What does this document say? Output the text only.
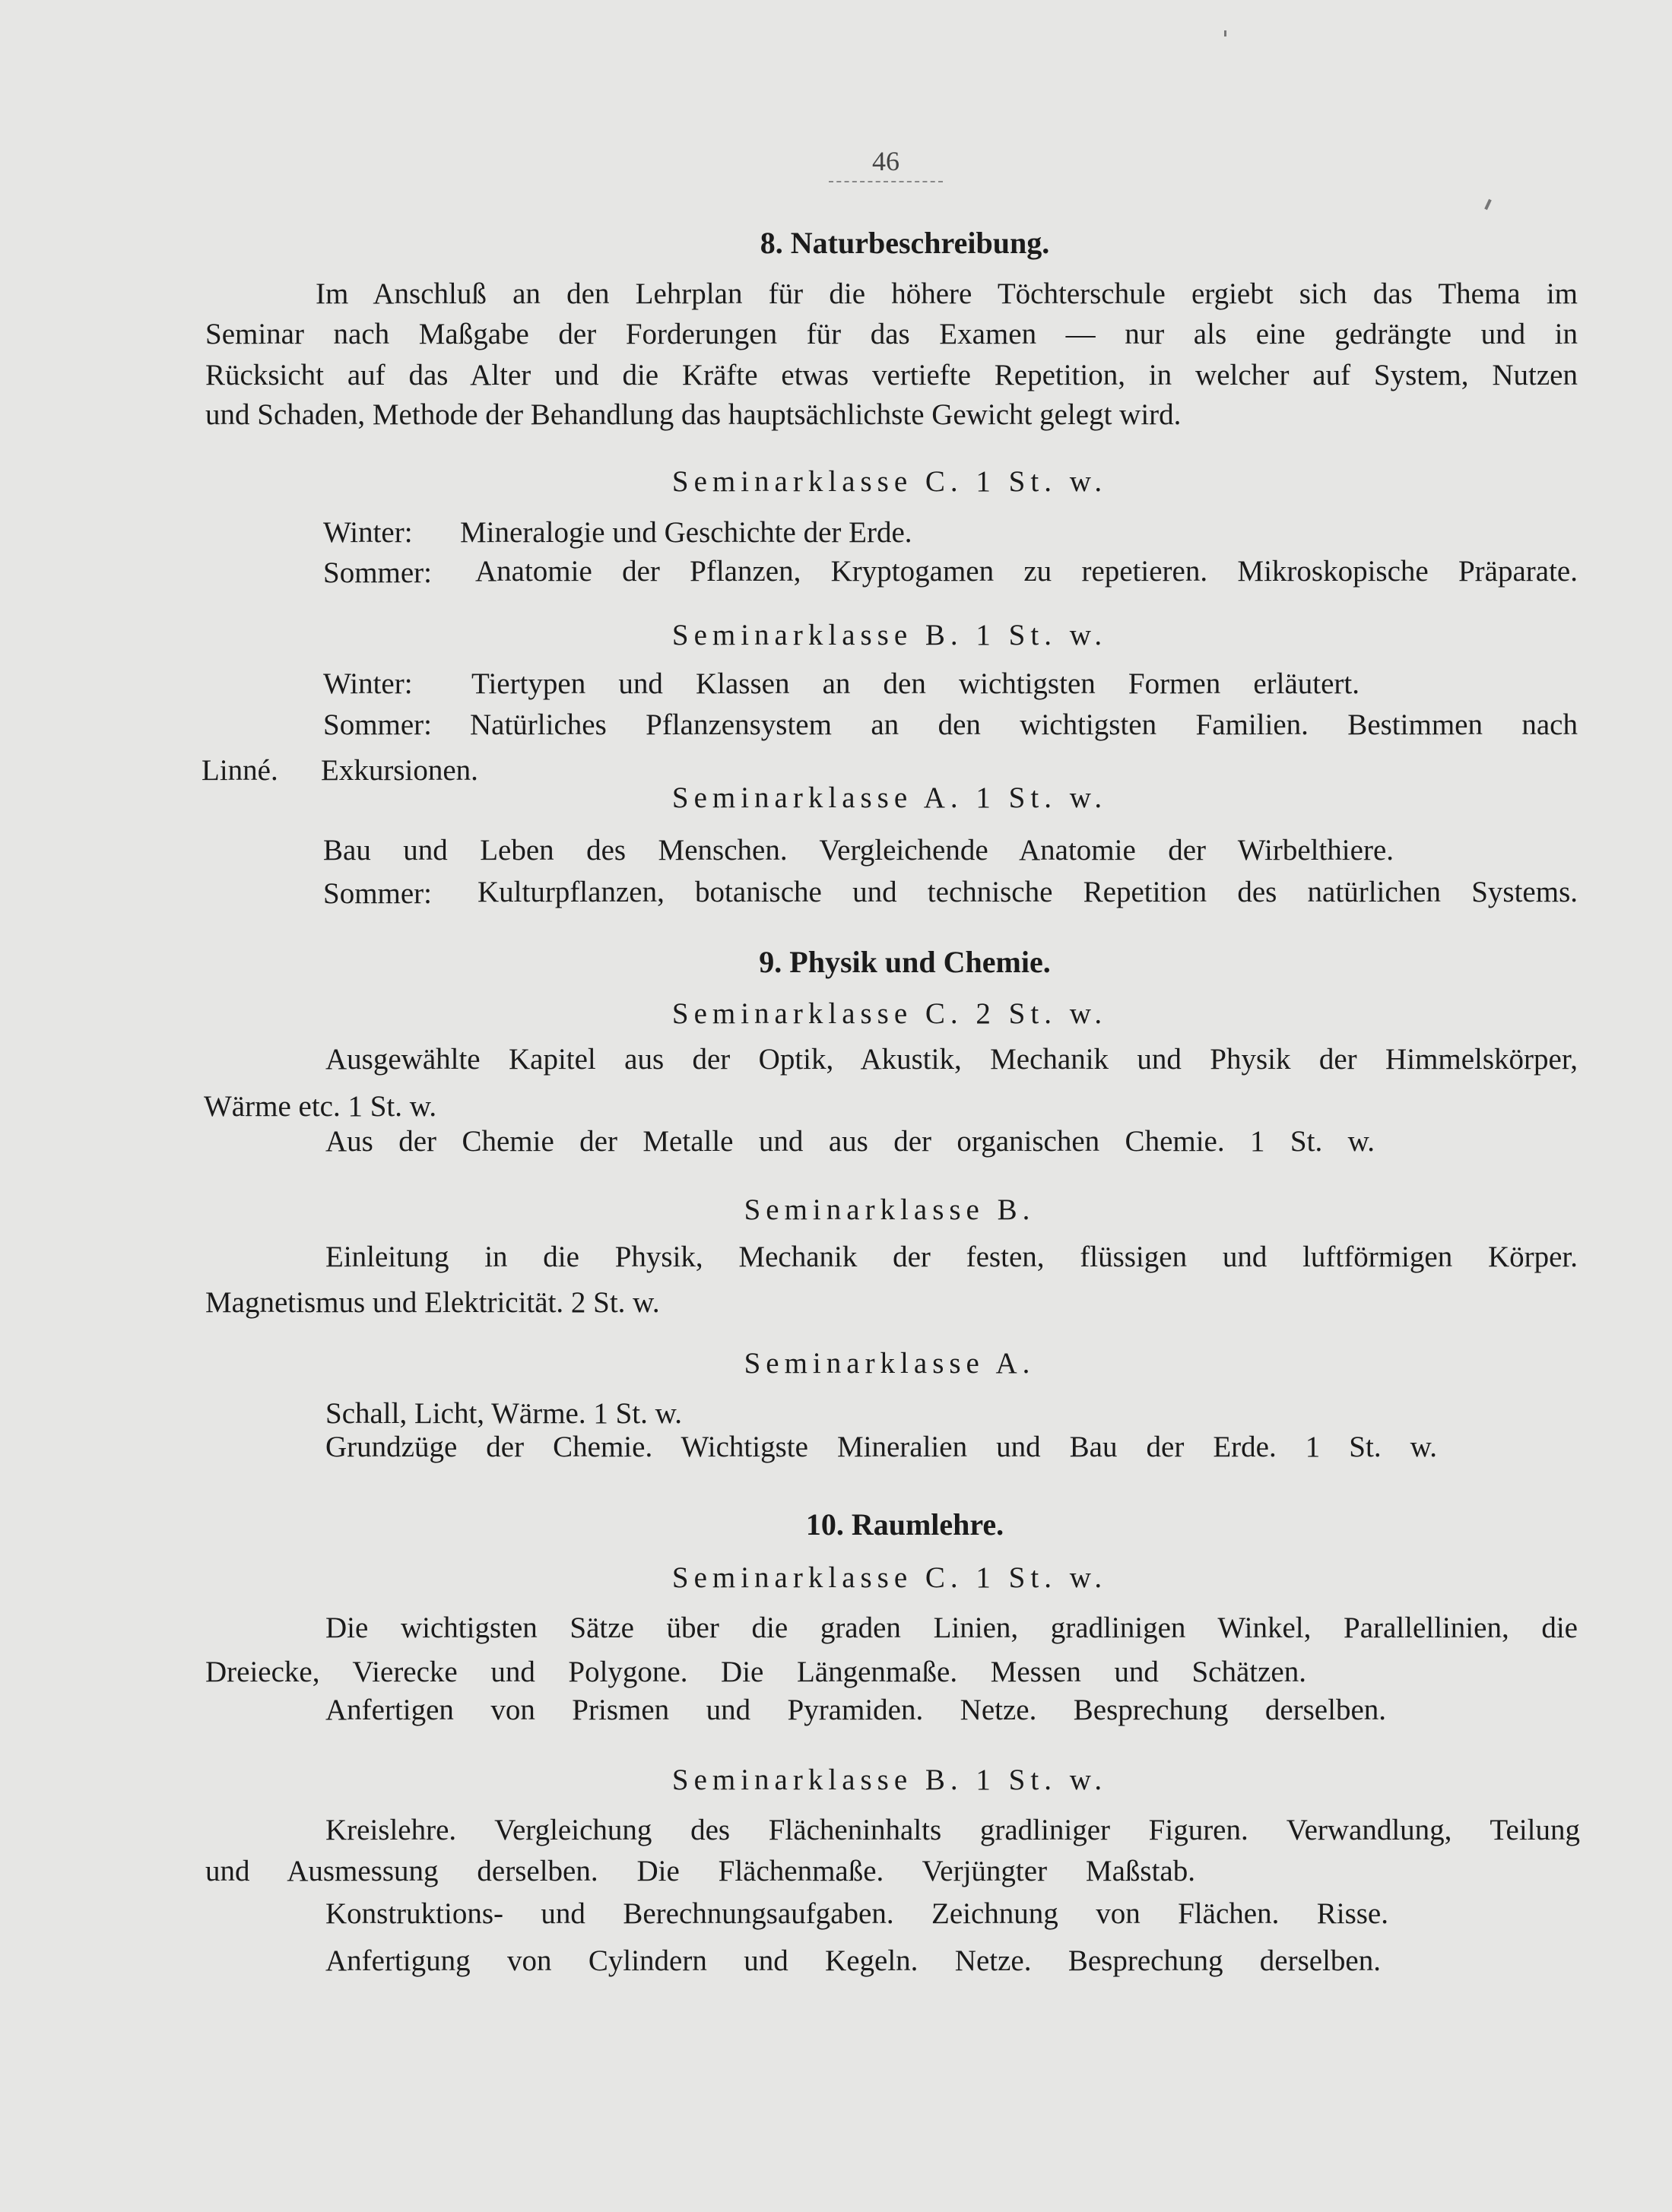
46
8. Naturbeschreibung.
Im Anschluß an den Lehrplan für die höhere Töchterschule ergiebt sich das Thema im
Seminar nach Maßgabe der Forderungen für das Examen — nur als eine gedrängte und in
Rücksicht auf das Alter und die Kräfte etwas vertiefte Repetition, in welcher auf System, Nutzen
und Schaden, Methode der Behandlung das hauptsächlichste Gewicht gelegt wird.
Seminarklasse C. 1 St. w.
Winter: Mineralogie und Geschichte der Erde.
Sommer: Anatomie der Pflanzen, Kryptogamen zu repetieren. Mikroskopische Präparate.
Seminarklasse B. 1 St. w.
Winter: Tiertypen und Klassen an den wichtigsten Formen erläutert.
Sommer: Natürliches Pflanzensystem an den wichtigsten Familien. Bestimmen nach
Linné. Exkursionen.
Seminarklasse A. 1 St. w.
Bau und Leben des Menschen. Vergleichende Anatomie der Wirbelthiere.
Sommer: Kulturpflanzen, botanische und technische Repetition des natürlichen Systems.
9. Physik und Chemie.
Seminarklasse C. 2 St. w.
Ausgewählte Kapitel aus der Optik, Akustik, Mechanik und Physik der Himmelskörper,
Wärme etc. 1 St. w.
Aus der Chemie der Metalle und aus der organischen Chemie. 1 St. w.
Seminarklasse B.
Einleitung in die Physik, Mechanik der festen, flüssigen und luftförmigen Körper.
Magnetismus und Elektricität. 2 St. w.
Seminarklasse A.
Schall, Licht, Wärme. 1 St. w.
Grundzüge der Chemie. Wichtigste Mineralien und Bau der Erde. 1 St. w.
10. Raumlehre.
Seminarklasse C. 1 St. w.
Die wichtigsten Sätze über die graden Linien, gradlinigen Winkel, Parallellinien, die
Dreiecke, Vierecke und Polygone. Die Längenmaße. Messen und Schätzen.
Anfertigen von Prismen und Pyramiden. Netze. Besprechung derselben.
Seminarklasse B. 1 St. w.
Kreislehre. Vergleichung des Flächeninhalts gradliniger Figuren. Verwandlung, Teilung
und Ausmessung derselben. Die Flächenmaße. Verjüngter Maßstab.
Konstruktions- und Berechnungsaufgaben. Zeichnung von Flächen. Risse.
Anfertigung von Cylindern und Kegeln. Netze. Besprechung derselben.
